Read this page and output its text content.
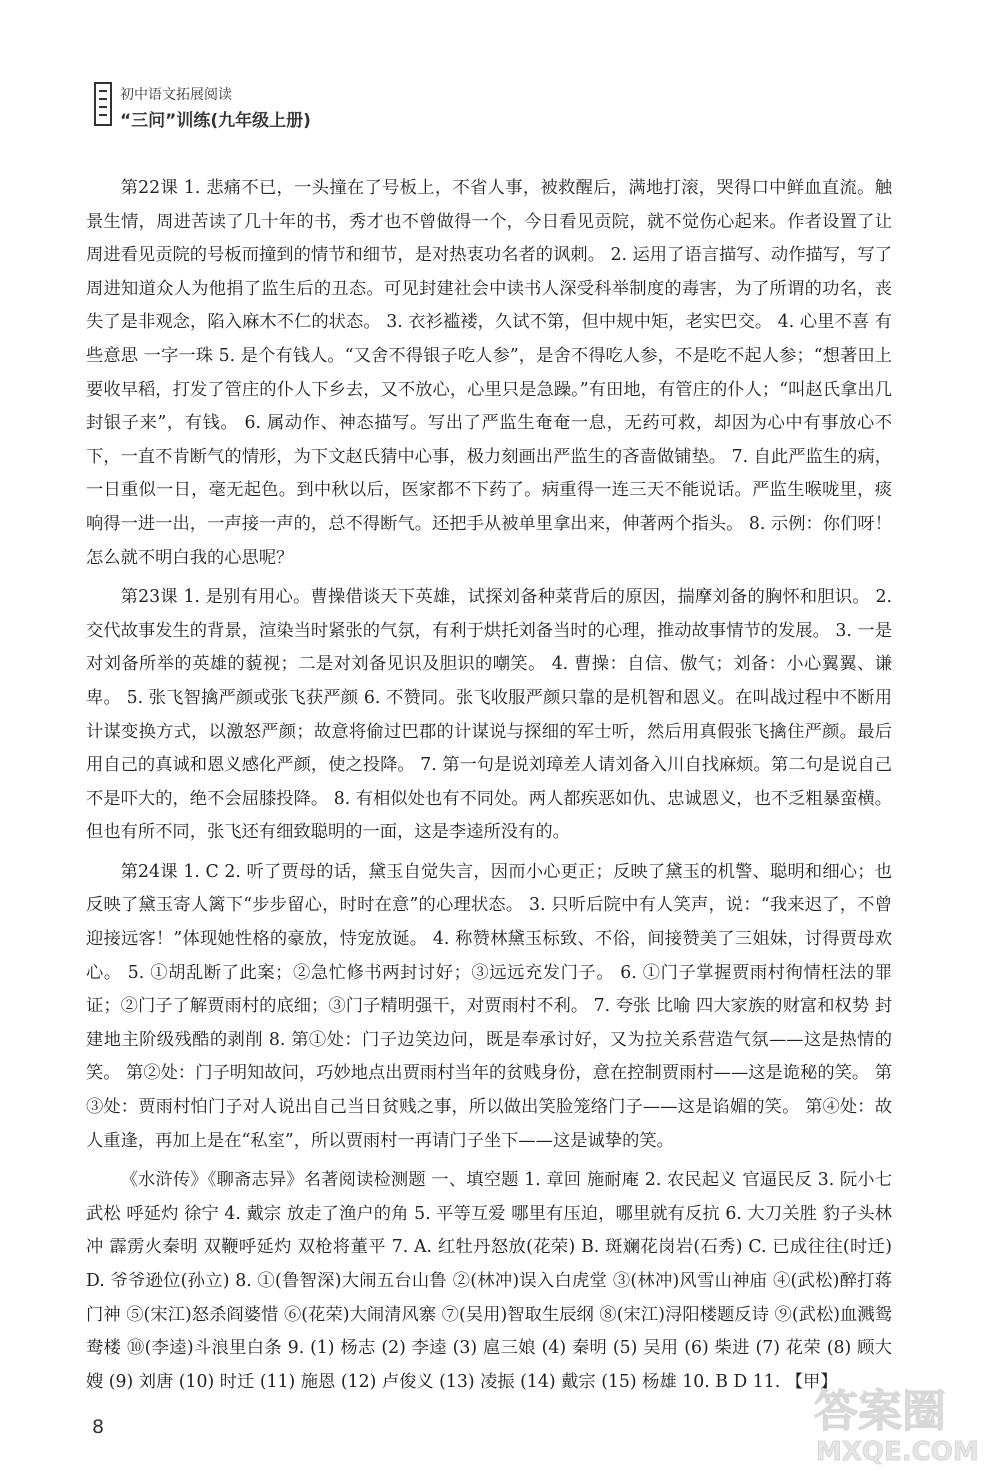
初中语文拓展阅读
“三问”训练(九年级上册)

第22课 1. 悲痛不已，一头撞在了号板上，不省人事，被救醒后，满地打滚，哭得口中鲜血直流。触景生情，周进苦读了几十年的书，秀才也不曾做得一个，今日看见贡院，就不觉伤心起来。作者设置了让周进看见贡院的号板而撞到的情节和细节，是对热衷功名者的讽刺。 2. 运用了语言描写、动作描写，写了周进知道众人为他捐了监生后的丑态。可见封建社会中读书人深受科举制度的毒害，为了所谓的功名，丧失了是非观念，陷入麻木不仁的状态。 3. 衣衫褴褛，久试不第，但中规中矩，老实巴交。 4. 心里不喜 有些意思 一字一珠 5. 是个有钱人。“又舍不得银子吃人参”，是舍不得吃人参，不是吃不起人参；“想著田上要收早稻，打发了管庄的仆人下乡去，又不放心，心里只是急躁。”有田地，有管庄的仆人；“叫赵氏拿出几封银子来”，有钱。 6. 属动作、神态描写。写出了严监生奄奄一息，无药可救，却因为心中有事放心不下，一直不肯断气的情形，为下文赵氏猜中心事，极力刻画出严监生的吝啬做铺垫。 7. 自此严监生的病，一日重似一日，毫无起色。到中秋以后，医家都不下药了。病重得一连三天不能说话。严监生喉咙里，痰响得一进一出，一声接一声的，总不得断气。还把手从被单里拿出来，伸著两个指头。 8. 示例：你们呀！怎么就不明白我的心思呢？

第23课 1. 是别有用心。曹操借谈天下英雄，试探刘备种菜背后的原因，揣摩刘备的胸怀和胆识。 2. 交代故事发生的背景，渲染当时紧张的气氛，有利于烘托刘备当时的心理，推动故事情节的发展。 3. 一是对刘备所举的英雄的藐视；二是对刘备见识及胆识的嘲笑。 4. 曹操：自信、傲气；刘备：小心翼翼、谦卑。 5. 张飞智擒严颜或张飞获严颜 6. 不赞同。张飞收服严颜只靠的是机智和恩义。在叫战过程中不断用计谋变换方式，以激怒严颜；故意将偷过巴郡的计谋说与探细的军士听，然后用真假张飞擒住严颜。最后用自己的真诚和恩义感化严颜，使之投降。 7. 第一句是说刘璋差人请刘备入川自找麻烦。第二句是说自己不是吓大的，绝不会屈膝投降。 8. 有相似处也有不同处。两人都疾恶如仇、忠诚恩义，也不乏粗暴蛮横。但也有所不同，张飞还有细致聪明的一面，这是李逵所没有的。

第24课 1. C 2. 听了贾母的话，黛玉自觉失言，因而小心更正；反映了黛玉的机警、聪明和细心；也反映了黛玉寄人篱下“步步留心，时时在意”的心理状态。 3. 只听后院中有人笑声，说：“我来迟了，不曾迎接远客！”体现她性格的豪放，恃宠放诞。 4. 称赞林黛玉标致、不俗，间接赞美了三姐妹，讨得贾母欢心。 5. ①胡乱断了此案；②急忙修书两封讨好；③远远充发门子。 6. ①门子掌握贾雨村徇情枉法的罪证；②门子了解贾雨村的底细；③门子精明强干，对贾雨村不利。 7. 夸张 比喻 四大家族的财富和权势 封建地主阶级残酷的剥削 8. 第①处：门子边笑边问，既是奉承讨好，又为拉关系营造气氛——这是热情的笑。 第②处：门子明知故问，巧妙地点出贾雨村当年的贫贱身份，意在控制贾雨村——这是诡秘的笑。 第③处：贾雨村怕门子对人说出自己当日贫贱之事，所以做出笑脸笼络门子——这是谄媚的笑。 第④处：故人重逢，再加上是在“私室”，所以贾雨村一再请门子坐下——这是诚挚的笑。

《水浒传》《聊斋志异》名著阅读检测题 一、填空题 1. 章回 施耐庵 2. 农民起义 官逼民反 3. 阮小七 武松 呼延灼 徐宁 4. 戴宗 放走了渔户的角 5. 平等互爱 哪里有压迫，哪里就有反抗 6. 大刀关胜 豹子头林冲 霹雳火秦明 双鞭呼延灼 双枪将董平 7. A. 红牡丹怒放(花荣) B. 斑斓花岗岩(石秀) C. 已成往往(时迁) D. 爷爷逊位(孙立) 8. ①(鲁智深)大闹五台山鲁 ②(林冲)误入白虎堂 ③(林冲)风雪山神庙 ④(武松)醉打蒋门神 ⑤(宋江)怒杀阎婆惜 ⑥(花荣)大闹清风寨 ⑦(吴用)智取生辰纲 ⑧(宋江)浔阳楼题反诗 ⑨(武松)血溅鸳鸯楼 ⑩(李逵)斗浪里白条 9. (1) 杨志 (2) 李逵 (3) 扈三娘 (4) 秦明 (5) 吴用 (6) 柴进 (7) 花荣 (8) 顾大嫂 (9) 刘唐 (10) 时迁 (11) 施恩 (12) 卢俊义 (13) 凌振 (14) 戴宗 (15) 杨雄 10. B D 11. 【甲】

8	答案圈
MXQE.COM
